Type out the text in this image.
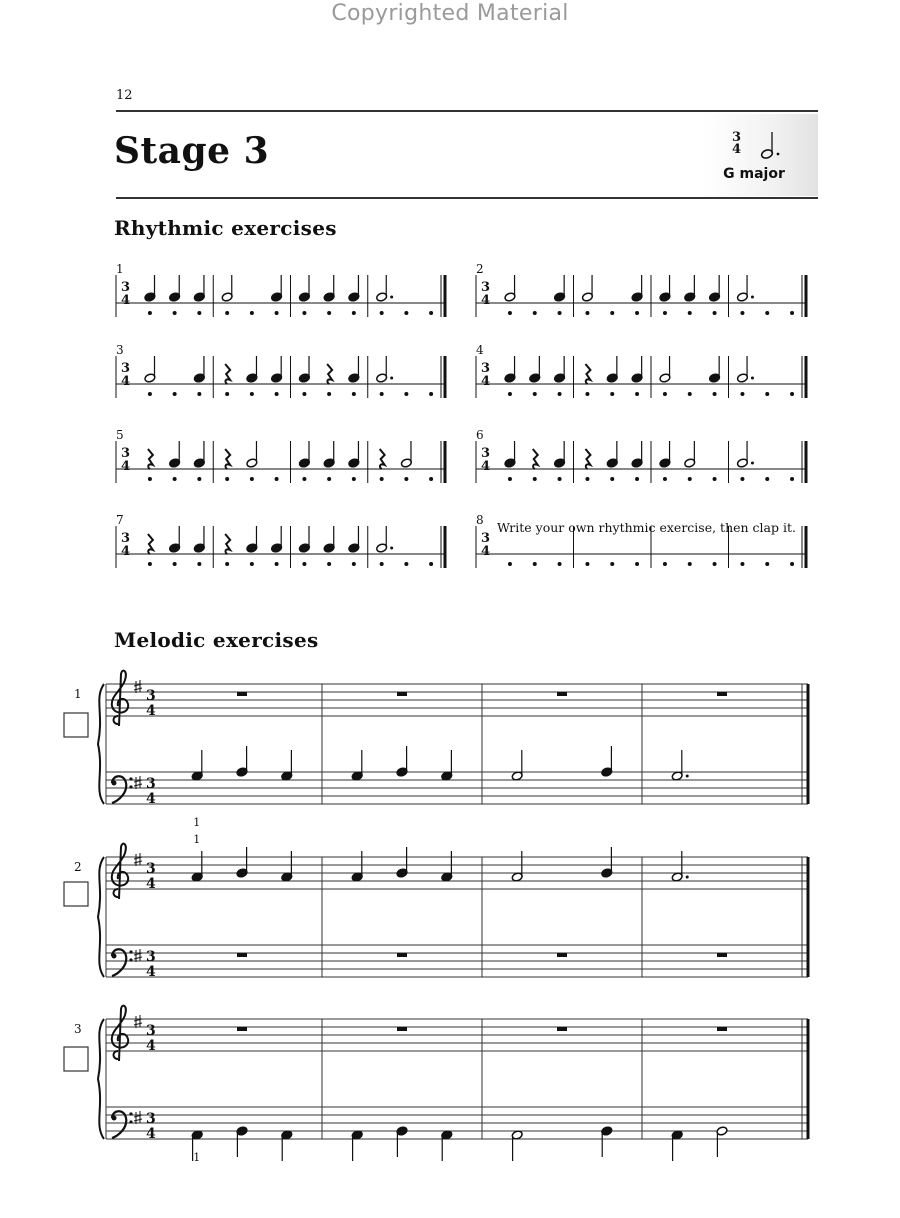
Copyrighted Material
12
Stage 3	3
4
G major
Rhythmic exercises
Melodic exercises
Write your own rhythmic exercise, then clap it.
1
3
4
2
3
4
3
3
4
4
3
4
5
3
4
6
3
4
7
3
4
8
3
4
1	3
4
3
4
1
2	3
4
3
4
1
3	3
4
3
4
1
